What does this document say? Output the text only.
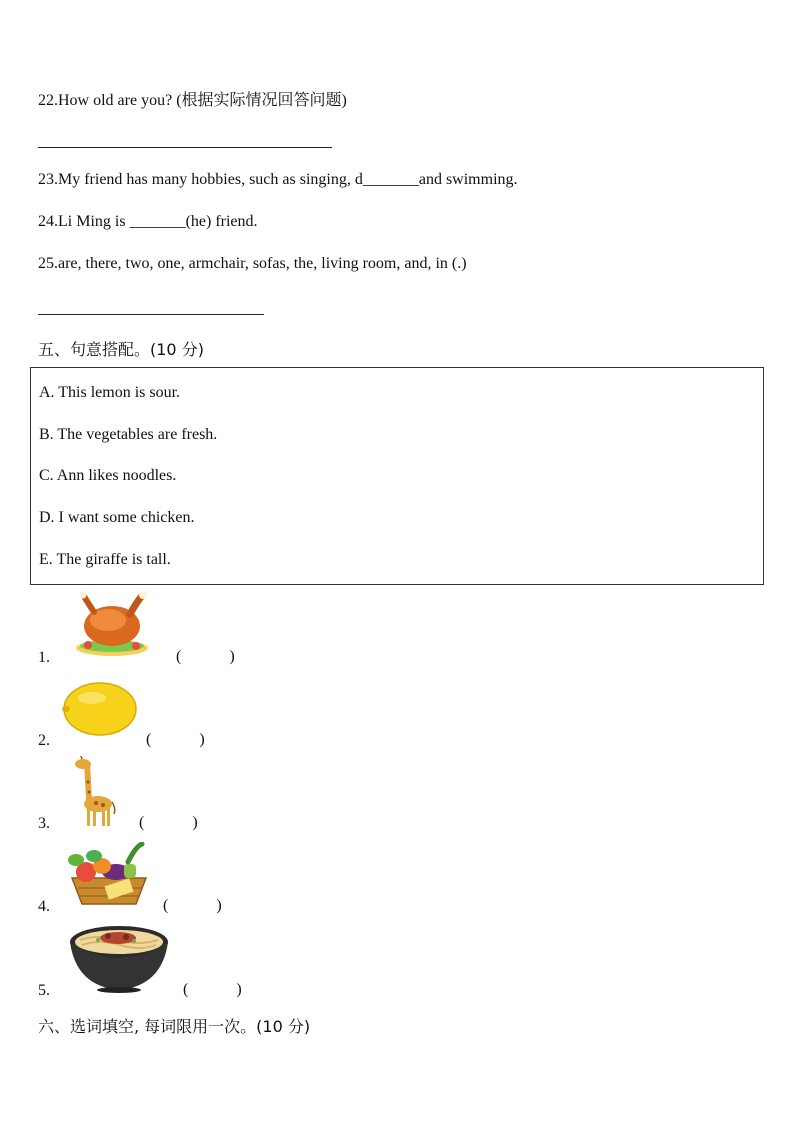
22.How old are you? (根据实际情况回答问题)
23.My friend has many hobbies, such as singing, d_______and swimming.
24.Li Ming is _______(he) friend.
25.are, there, two, one, armchair, sofas, the, living room, and, in (.)
五、句意搭配。(10 分)
A. This lemon is sour.
B. The vegetables are fresh.
C. Ann likes noodles.
D. I want some chicken.
E. The giraffe is tall.
1.	(            )
2.	(            )
3.	(            )
4.	(            )
5.	(            )
六、选词填空, 每词限用一次。(10 分)
